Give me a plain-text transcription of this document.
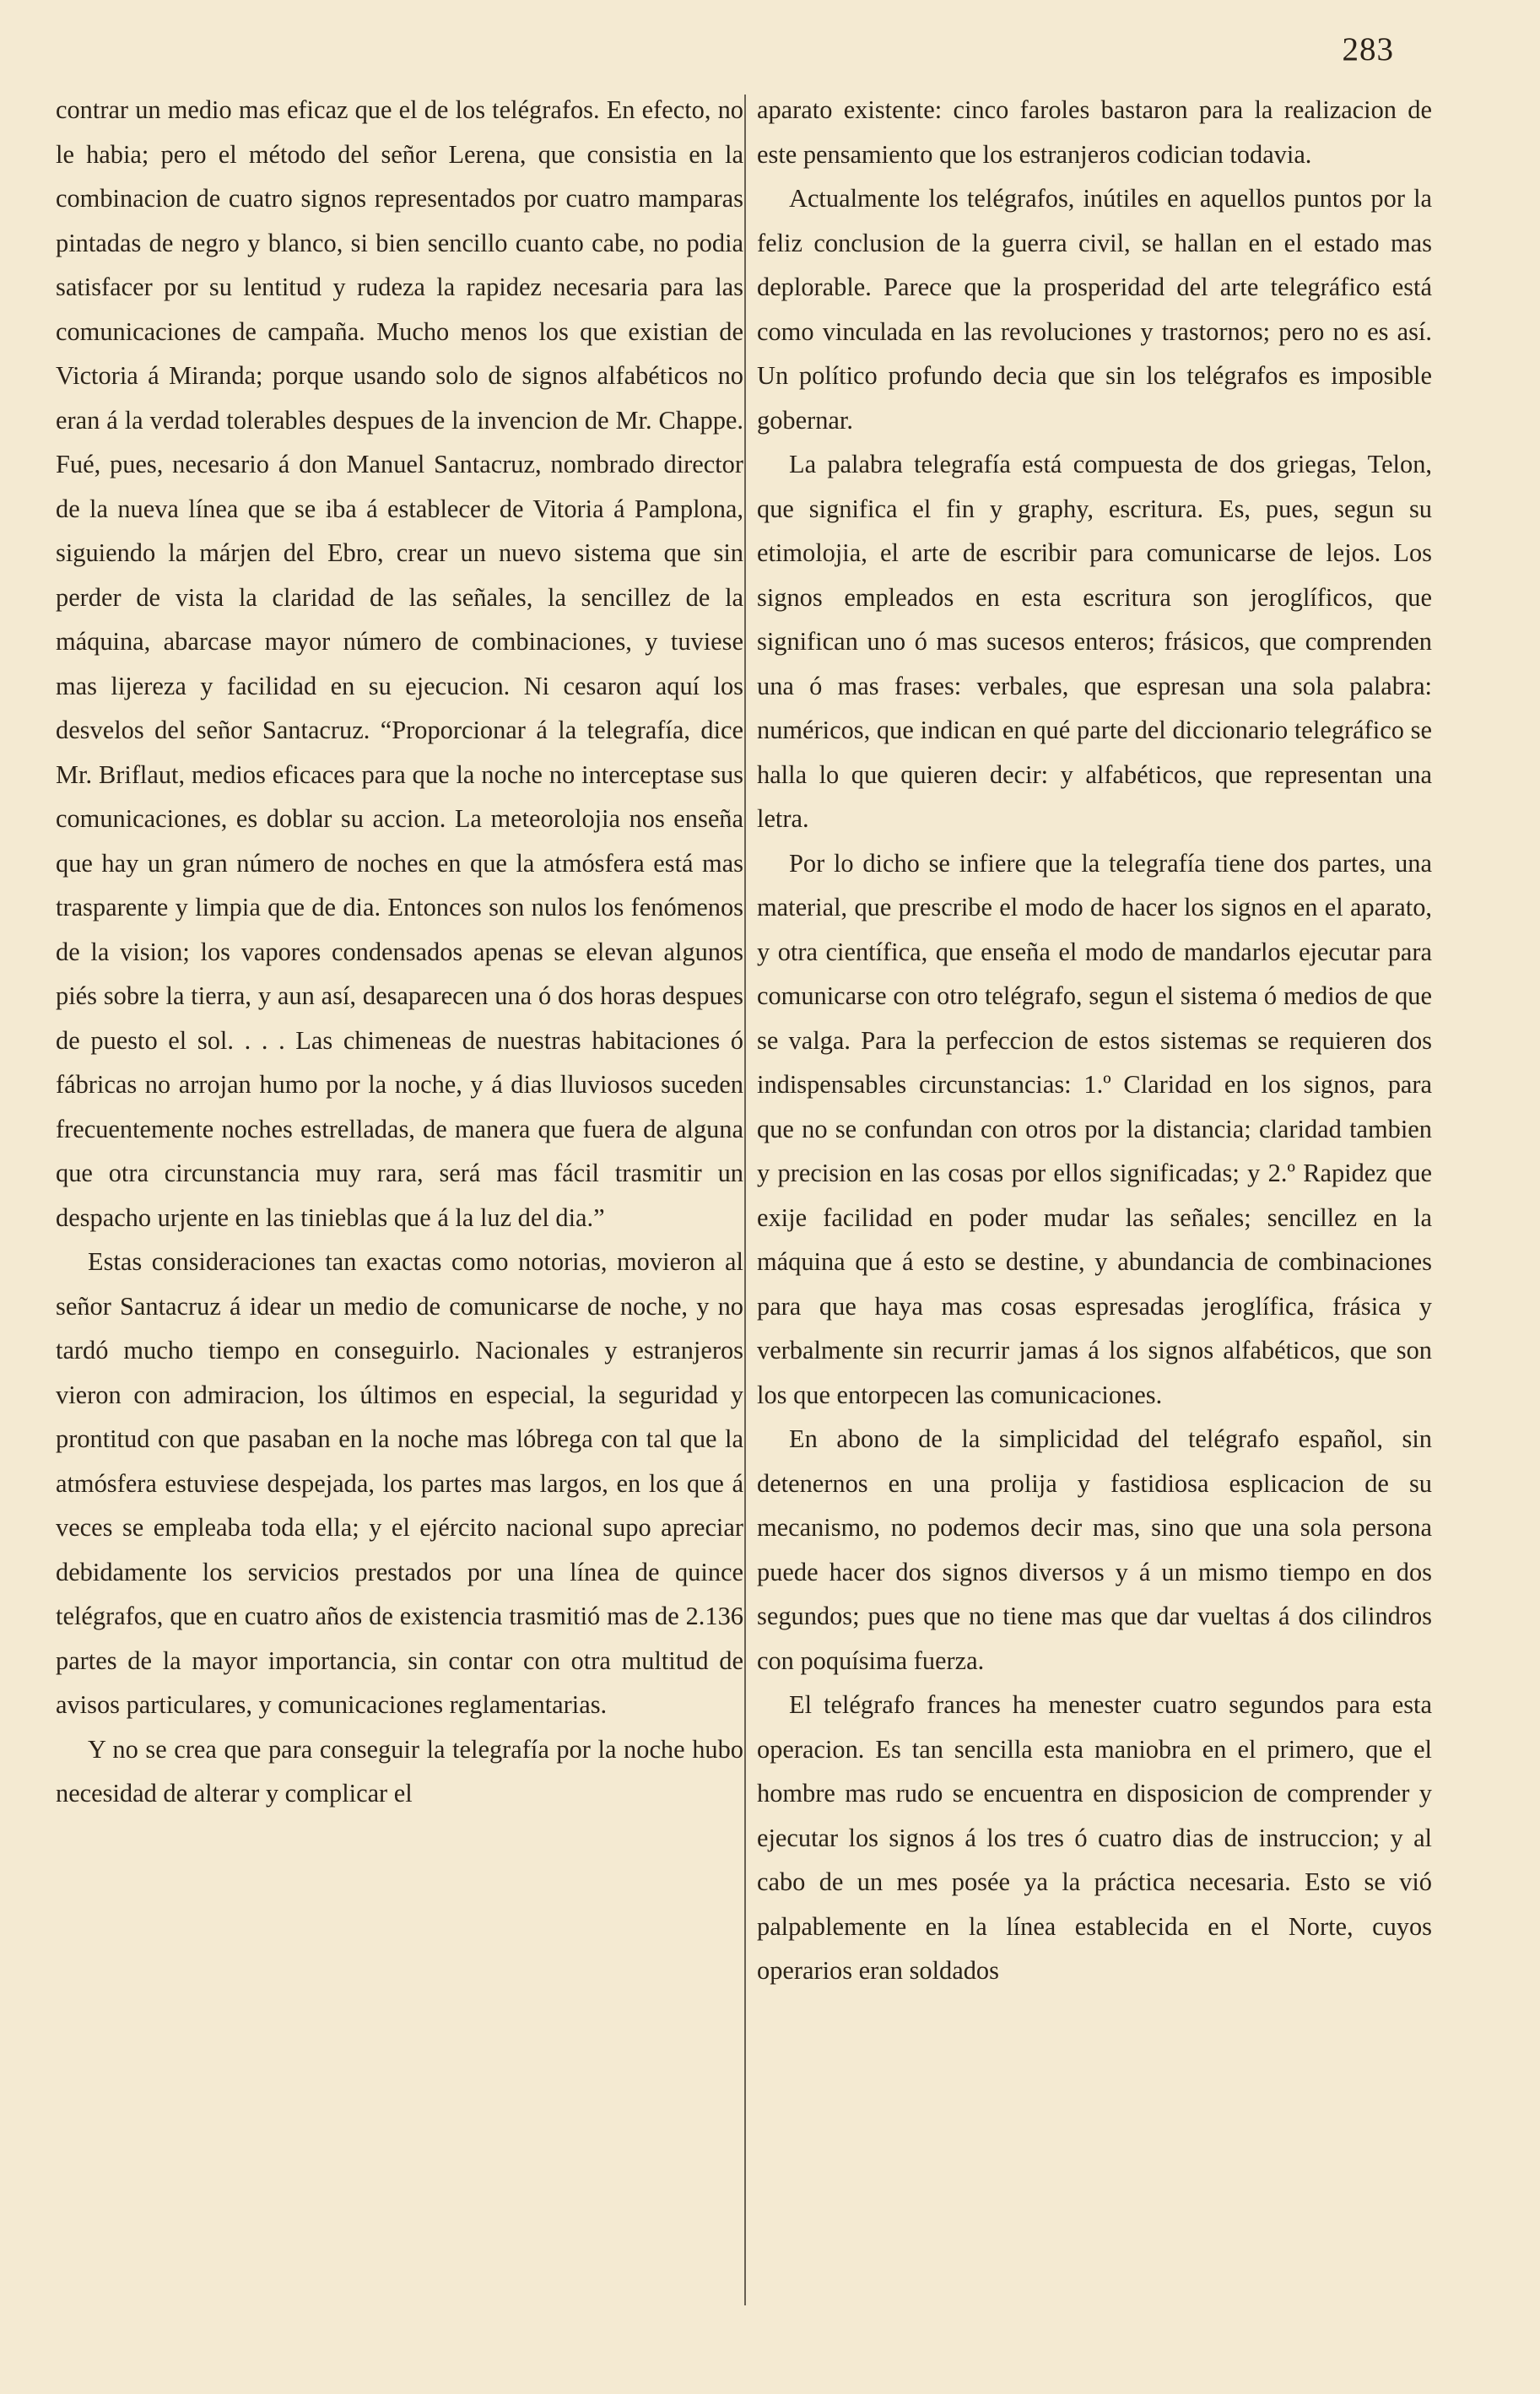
283

contrar un medio mas eficaz que el de los telégrafos. En efecto, no le habia; pero el método del señor Lerena, que consistia en la combinacion de cuatro signos representados por cuatro mamparas pintadas de negro y blanco, si bien sencillo cuanto cabe, no podia satisfacer por su lentitud y rudeza la rapidez necesaria para las comunicaciones de campaña. Mucho menos los que existian de Victoria á Miranda; porque usando solo de signos alfabéticos no eran á la verdad tolerables despues de la invencion de Mr. Chappe. Fué, pues, necesario á don Manuel Santacruz, nombrado director de la nueva línea que se iba á establecer de Vitoria á Pamplona, siguiendo la márjen del Ebro, crear un nuevo sistema que sin perder de vista la claridad de las señales, la sencillez de la máquina, abarcase mayor número de combinaciones, y tuviese mas lijereza y facilidad en su ejecucion. Ni cesaron aquí los desvelos del señor Santacruz. “Proporcionar á la telegrafía, dice Mr. Briflaut, medios eficaces para que la noche no interceptase sus comunicaciones, es doblar su accion. La meteorolojia nos enseña que hay un gran número de noches en que la atmósfera está mas trasparente y limpia que de dia. Entonces son nulos los fenómenos de la vision; los vapores condensados apenas se elevan algunos piés sobre la tierra, y aun así, desaparecen una ó dos horas despues de puesto el sol. . . . Las chimeneas de nuestras habitaciones ó fábricas no arrojan humo por la noche, y á dias lluviosos suceden frecuentemente noches estrelladas, de manera que fuera de alguna que otra circunstancia muy rara, será mas fácil trasmitir un despacho urjente en las tinieblas que á la luz del dia.”

Estas consideraciones tan exactas como notorias, movieron al señor Santacruz á idear un medio de comunicarse de noche, y no tardó mucho tiempo en conseguirlo. Nacionales y estranjeros vieron con admiracion, los últimos en especial, la seguridad y prontitud con que pasaban en la noche mas lóbrega con tal que la atmósfera estuviese despejada, los partes mas largos, en los que á veces se empleaba toda ella; y el ejército nacional supo apreciar debidamente los servicios prestados por una línea de quince telégrafos, que en cuatro años de existencia trasmitió mas de 2.136 partes de la mayor importancia, sin contar con otra multitud de avisos particulares, y comunicaciones reglamentarias.

Y no se crea que para conseguir la telegrafía por la noche hubo necesidad de alterar y complicar el

aparato existente: cinco faroles bastaron para la realizacion de este pensamiento que los estranjeros codician todavia.

Actualmente los telégrafos, inútiles en aquellos puntos por la feliz conclusion de la guerra civil, se hallan en el estado mas deplorable. Parece que la prosperidad del arte telegráfico está como vinculada en las revoluciones y trastornos; pero no es así. Un político profundo decia que sin los telégrafos es imposible gobernar.

La palabra telegrafía está compuesta de dos griegas, Telon, que significa el fin y graphy, escritura. Es, pues, segun su etimolojia, el arte de escribir para comunicarse de lejos. Los signos empleados en esta escritura son jeroglíficos, que significan uno ó mas sucesos enteros; frásicos, que comprenden una ó mas frases: verbales, que espresan una sola palabra: numéricos, que indican en qué parte del diccionario telegráfico se halla lo que quieren decir: y alfabéticos, que representan una letra.

Por lo dicho se infiere que la telegrafía tiene dos partes, una material, que prescribe el modo de hacer los signos en el aparato, y otra científica, que enseña el modo de mandarlos ejecutar para comunicarse con otro telégrafo, segun el sistema ó medios de que se valga. Para la perfeccion de estos sistemas se requieren dos indispensables circunstancias: 1.º Claridad en los signos, para que no se confundan con otros por la distancia; claridad tambien y precision en las cosas por ellos significadas; y 2.º Rapidez que exije facilidad en poder mudar las señales; sencillez en la máquina que á esto se destine, y abundancia de combinaciones para que haya mas cosas espresadas jeroglífica, frásica y verbalmente sin recurrir jamas á los signos alfabéticos, que son los que entorpecen las comunicaciones.

En abono de la simplicidad del telégrafo español, sin detenernos en una prolija y fastidiosa esplicacion de su mecanismo, no podemos decir mas, sino que una sola persona puede hacer dos signos diversos y á un mismo tiempo en dos segundos; pues que no tiene mas que dar vueltas á dos cilindros con poquísima fuerza.

El telégrafo frances ha menester cuatro segundos para esta operacion. Es tan sencilla esta maniobra en el primero, que el hombre mas rudo se encuentra en disposicion de comprender y ejecutar los signos á los tres ó cuatro dias de instruccion; y al cabo de un mes posée ya la práctica necesaria. Esto se vió palpablemente en la línea establecida en el Norte, cuyos operarios eran soldados
